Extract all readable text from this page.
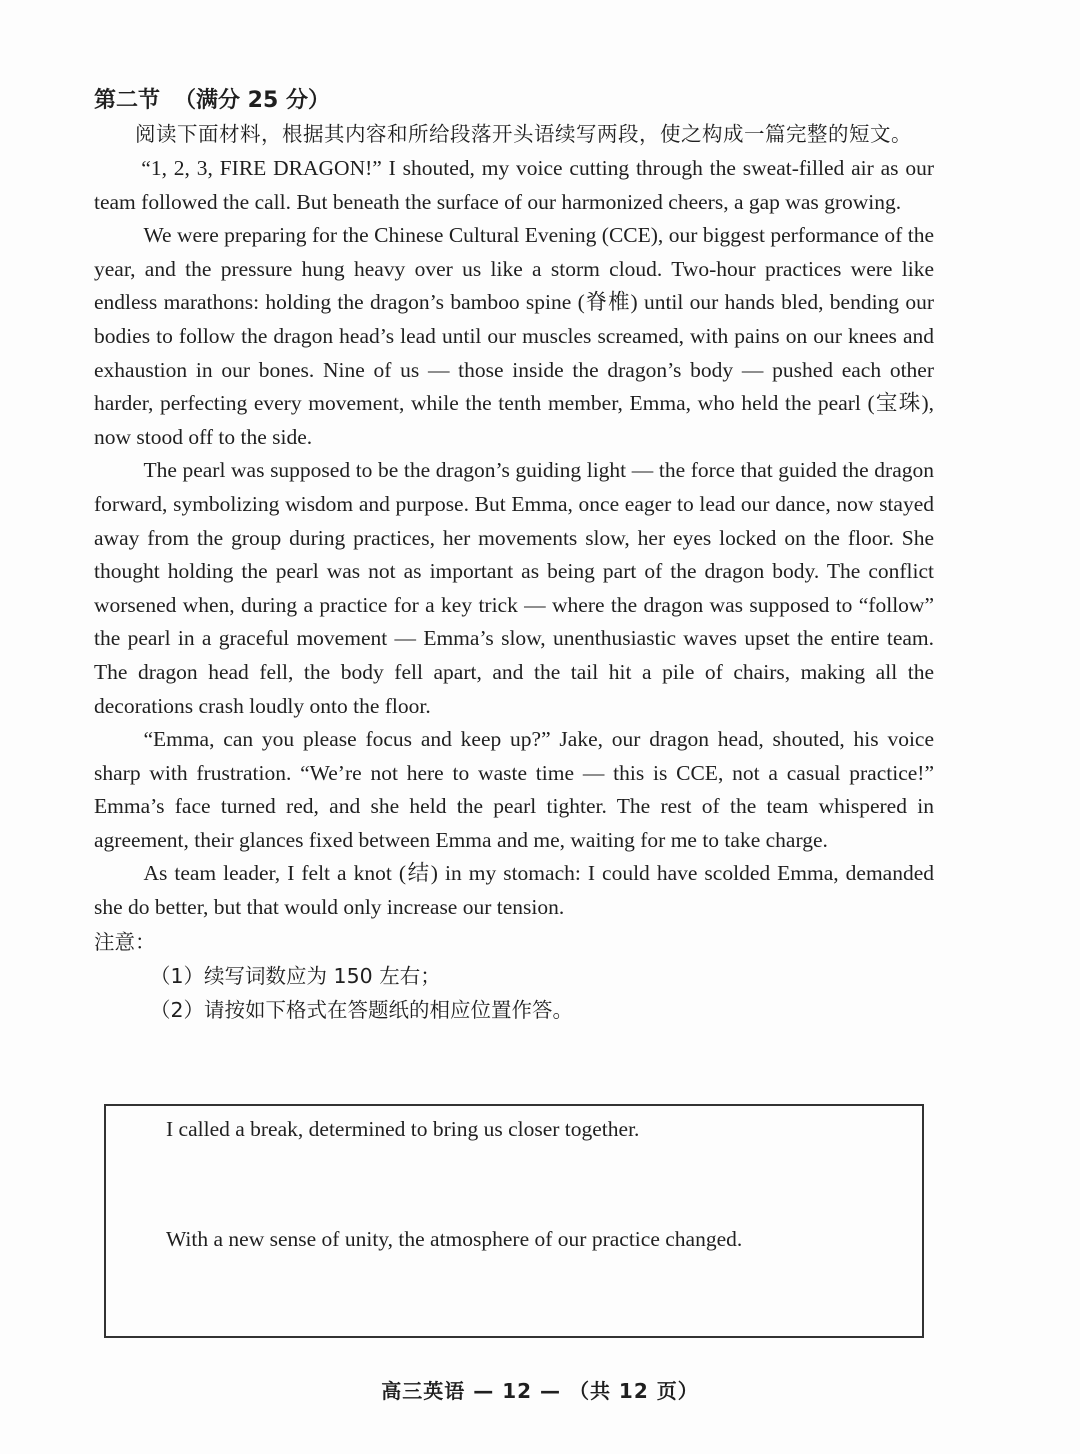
第二节 （满分 25 分）

阅读下面材料，根据其内容和所给段落开头语续写两段，使之构成一篇完整的短文。

“1, 2, 3, FIRE DRAGON!” I shouted, my voice cutting through the sweat-filled air as our team followed the call. But beneath the surface of our harmonized cheers, a gap was growing.

We were preparing for the Chinese Cultural Evening (CCE), our biggest performance of the year, and the pressure hung heavy over us like a storm cloud. Two-hour practices were like endless marathons: holding the dragon’s bamboo spine (脊椎) until our hands bled, bending our bodies to follow the dragon head’s lead until our muscles screamed, with pains on our knees and exhaustion in our bones. Nine of us — those inside the dragon’s body — pushed each other harder, perfecting every movement, while the tenth member, Emma, who held the pearl (宝珠), now stood off to the side.

The pearl was supposed to be the dragon’s guiding light — the force that guided the dragon forward, symbolizing wisdom and purpose. But Emma, once eager to lead our dance, now stayed away from the group during practices, her movements slow, her eyes locked on the floor. She thought holding the pearl was not as important as being part of the dragon body. The conflict worsened when, during a practice for a key trick — where the dragon was supposed to “follow” the pearl in a graceful movement — Emma’s slow, unenthusiastic waves upset the entire team. The dragon head fell, the body fell apart, and the tail hit a pile of chairs, making all the decorations crash loudly onto the floor.

“Emma, can you please focus and keep up?” Jake, our dragon head, shouted, his voice sharp with frustration. “We’re not here to waste time — this is CCE, not a casual practice!” Emma’s face turned red, and she held the pearl tighter. The rest of the team whispered in agreement, their glances fixed between Emma and me, waiting for me to take charge.

As team leader, I felt a knot (结) in my stomach: I could have scolded Emma, demanded she do better, but that would only increase our tension.

注意：

（1）续写词数应为 150 左右；

（2）请按如下格式在答题纸的相应位置作答。

I called a break, determined to bring us closer together.

With a new sense of unity, the atmosphere of our practice changed.

高三英语 — 12 — （共 12 页）
